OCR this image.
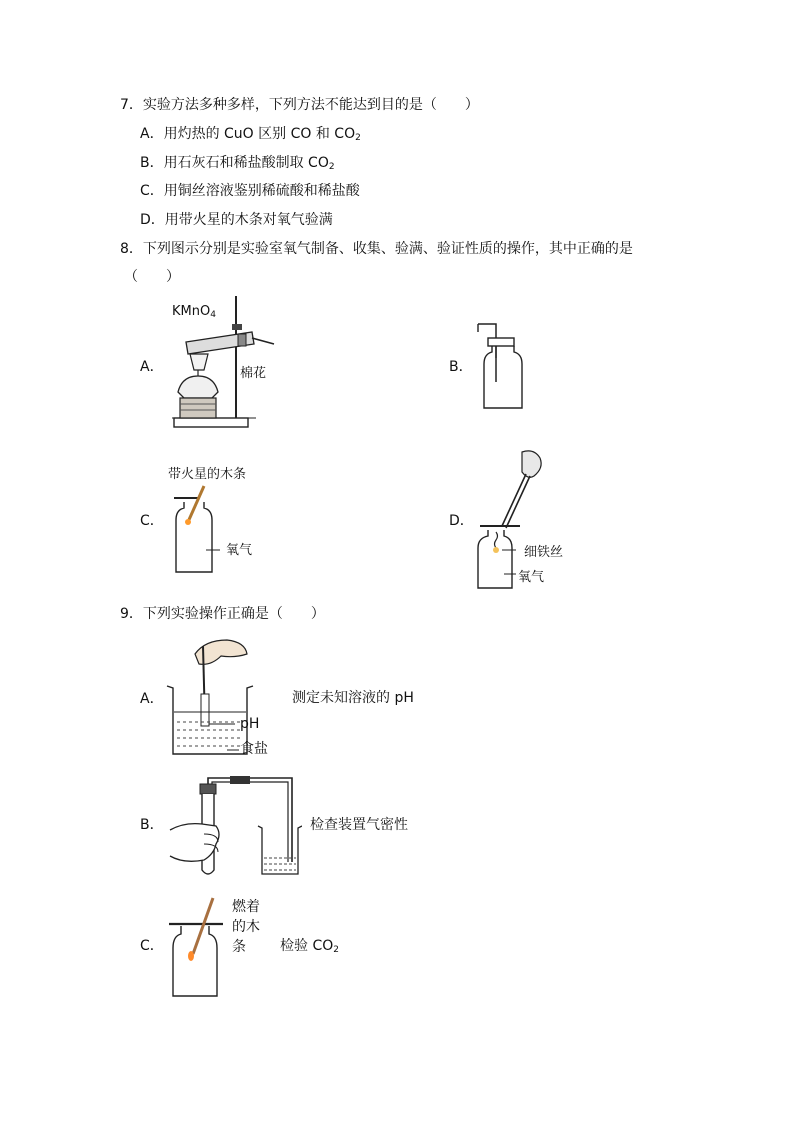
7．实验方法多种多样，下列方法不能达到目的是（　　）
A．用灼热的 CuO 区别 CO 和 $CO_2$
B．用石灰石和稀盐酸制取 $CO_2$
C．用铜丝溶液鉴别稀硫酸和稀盐酸
D．用带火星的木条对氧气验满
8．下列图示分别是实验室氧气制备、收集、验满、验证性质的操作，其中正确的是
（　　）
A．	B．
C．	D．
KMnO$_4$
棉花
带火星的木条
氧气	细铁丝
氧气
9．下列实验操作正确是（　　）
A．
B．
C．
pH
食盐
测定未知溶液的 pH
检查装置气密性
燃着
的木
条	检验 $CO_2$
